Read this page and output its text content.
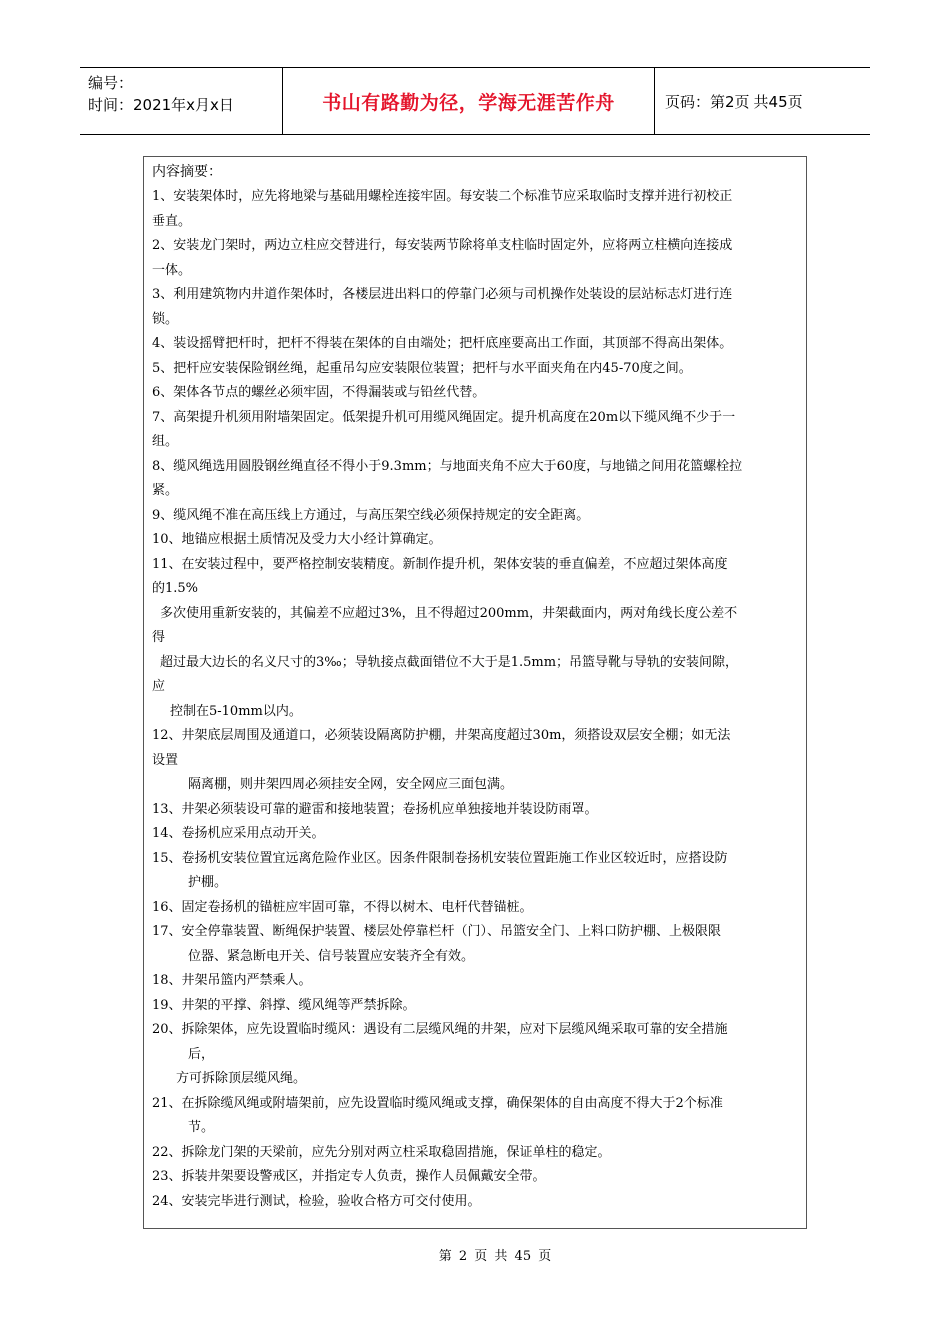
编号：
时间：2021年x月x日	书山有路勤为径，学海无涯苦作舟	页码：第2页 共45页
内容摘要：
1、安装架体时，应先将地梁与基础用螺栓连接牢固。每安装二个标准节应采取临时支撑并进行初校正
垂直。
2、安装龙门架时，两边立柱应交替进行，每安装两节除将单支柱临时固定外，应将两立柱横向连接成
一体。
3、利用建筑物内井道作架体时，各楼层进出料口的停靠门必须与司机操作处装设的层站标志灯进行连
锁。
4、装设摇臂把杆时，把杆不得装在架体的自由端处；把杆底座要高出工作面，其顶部不得高出架体。
5、把杆应安装保险钢丝绳，起重吊勾应安装限位装置；把杆与水平面夹角在内45-70度之间。
6、架体各节点的螺丝必须牢固，不得漏装或与铅丝代替。
7、高架提升机须用附墙架固定。低架提升机可用缆风绳固定。提升机高度在20m以下缆风绳不少于一
组。
8、缆风绳选用圆股钢丝绳直径不得小于9.3mm；与地面夹角不应大于60度，与地锚之间用花篮螺栓拉
紧。
9、缆风绳不准在高压线上方通过，与高压架空线必须保持规定的安全距离。
10、地锚应根据土质情况及受力大小经计算确定。
11、在安装过程中，要严格控制安装精度。新制作提升机，架体安装的垂直偏差，不应超过架体高度
的1.5%
多次使用重新安装的，其偏差不应超过3%，且不得超过200mm，井架截面内，两对角线长度公差不
得
超过最大边长的名义尺寸的3‰；导轨接点截面错位不大于是1.5mm；吊篮导靴与导轨的安装间隙，
应
控制在5-10mm以内。
12、井架底层周围及通道口，必须装设隔离防护棚，井架高度超过30m，须搭设双层安全棚；如无法
设置
隔离棚，则井架四周必须挂安全网，安全网应三面包满。
13、井架必须装设可靠的避雷和接地装置；卷扬机应单独接地并装设防雨罩。
14、卷扬机应采用点动开关。
15、卷扬机安装位置宜远离危险作业区。因条件限制卷扬机安装位置距施工作业区较近时，应搭设防
护棚。
16、固定卷扬机的锚桩应牢固可靠，不得以树木、电杆代替锚桩。
17、安全停靠装置、断绳保护装置、楼层处停靠栏杆（门）、吊篮安全门、上料口防护棚、上极限限
位器、紧急断电开关、信号装置应安装齐全有效。
18、井架吊篮内严禁乘人。
19、井架的平撑、斜撑、缆风绳等严禁拆除。
20、拆除架体，应先设置临时缆风：遇设有二层缆风绳的井架，应对下层缆风绳采取可靠的安全措施
后，
方可拆除顶层缆风绳。
21、在拆除缆风绳或附墙架前，应先设置临时缆风绳或支撑，确保架体的自由高度不得大于2个标准
节。
22、拆除龙门架的天梁前，应先分别对两立柱采取稳固措施，保证单柱的稳定。
23、拆装井架要设警戒区，并指定专人负责，操作人员佩戴安全带。
24、安装完毕进行测试，检验，验收合格方可交付使用。
第 2 页 共 45 页
